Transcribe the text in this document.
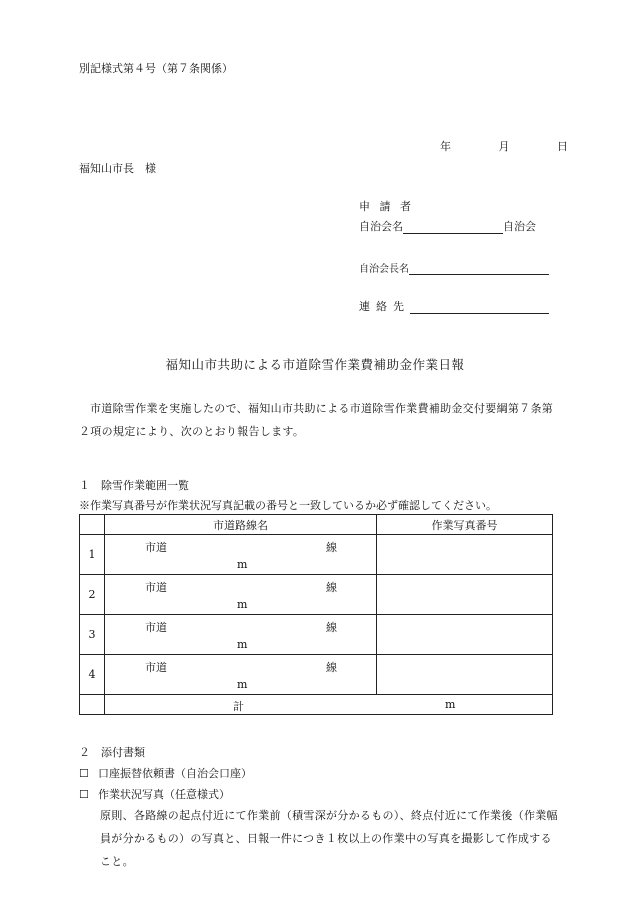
別記様式第４号（第７条関係）
年	月	日
福知山市長　様
申 請 者
自治会名	自治会
自治会長名
連絡先
福知山市共助による市道除雪作業費補助金作業日報
市道除雪作業を実施したので、福知山市共助による市道除雪作業費補助金交付要綱第７条第２項の規定により、次のとおり報告します。
１　除雪作業範囲一覧
※作業写真番号が作業状況写真記載の番号と一致しているか必ず確認してください。
	市道路線名	作業写真番号
1	市道 線
m	

2	市道 線
m	

3	市道 線
m	

4	市道 線
m	

	計 m	
２　添付書類
☐ 口座振替依頼書（自治会口座）
☐ 作業状況写真（任意様式）
原則、各路線の起点付近にて作業前（積雪深が分かるもの）、終点付近にて作業後（作業幅員が分かるもの）の写真と、日報一件につき１枚以上の作業中の写真を撮影して作成すること。
